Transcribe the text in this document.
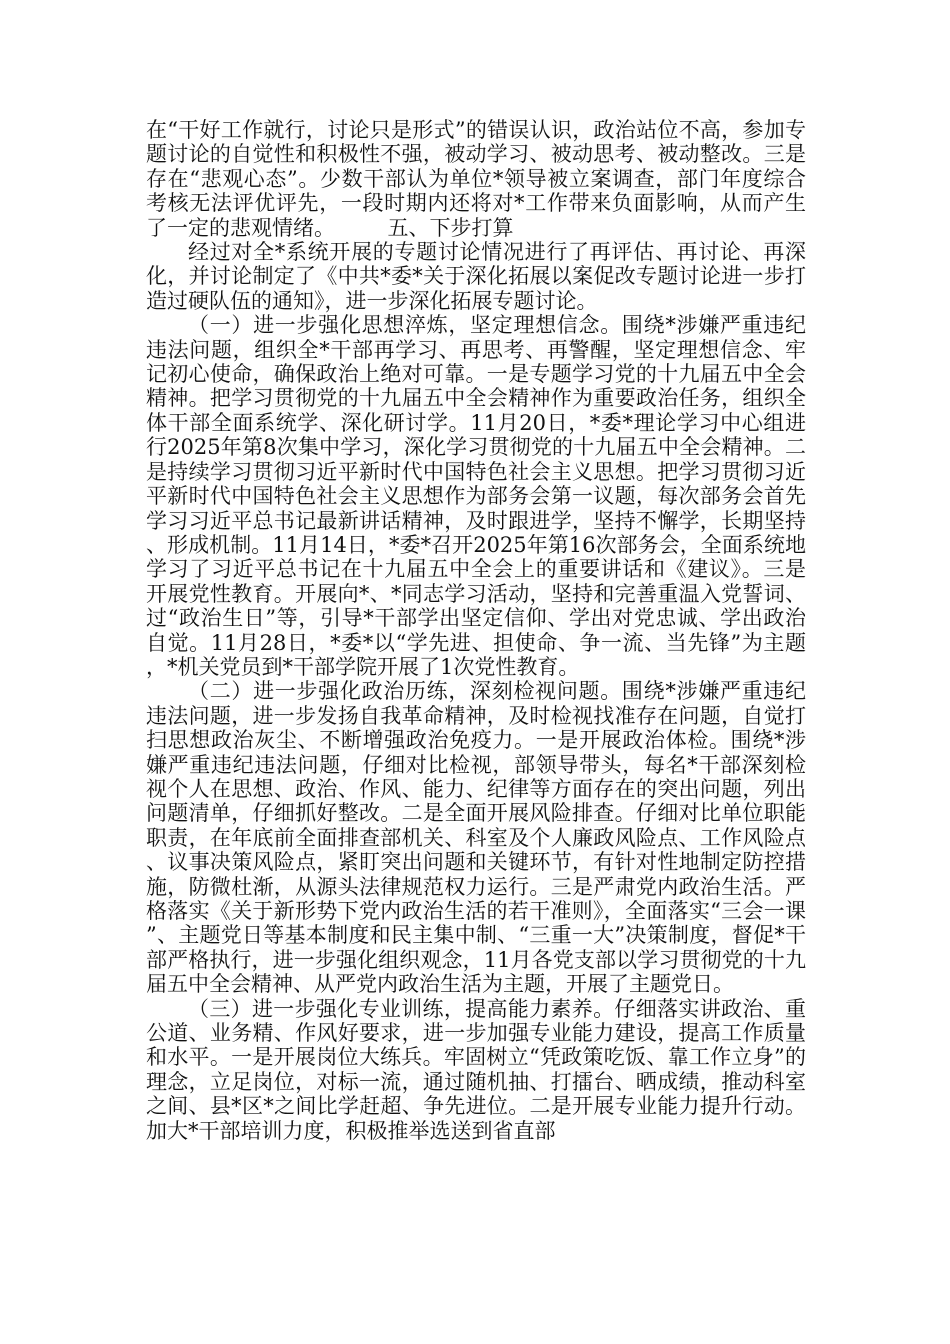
在“干好工作就行，讨论只是形式”的错误认识，政治站位不高，参加专题讨论的自觉性和积极性不强，被动学习、被动思考、被动整改。三是存在“悲观心态”。少数干部认为单位*领导被立案调查，部门年度综合考核无法评优评先，一段时期内还将对*工作带来负面影响，从而产生了一定的悲观情绪。	五、下步打算

经过对全*系统开展的专题讨论情况进行了再评估、再讨论、再深化，并讨论制定了《中共*委*关于深化拓展以案促改专题讨论进一步打造过硬队伍的通知》，进一步深化拓展专题讨论。

（一）进一步强化思想淬炼，坚定理想信念。围绕*涉嫌严重违纪违法问题，组织全*干部再学习、再思考、再警醒，坚定理想信念、牢记初心使命，确保政治上绝对可靠。一是专题学习党的十九届五中全会精神。把学习贯彻党的十九届五中全会精神作为重要政治任务，组织全体干部全面系统学、深化研讨学。11月20日，*委*理论学习中心组进行2025年第8次集中学习，深化学习贯彻党的十九届五中全会精神。二是持续学习贯彻习近平新时代中国特色社会主义思想。把学习贯彻习近平新时代中国特色社会主义思想作为部务会第一议题，每次部务会首先学习习近平总书记最新讲话精神，及时跟进学，坚持不懈学，长期坚持、形成机制。11月14日，*委*召开2025年第16次部务会，全面系统地学习了习近平总书记在十九届五中全会上的重要讲话和《建议》。三是开展党性教育。开展向*、*同志学习活动，坚持和完善重温入党誓词、过“政治生日”等，引导*干部学出坚定信仰、学出对党忠诚、学出政治自觉。11月28日，*委*以“学先进、担使命、争一流、当先锋”为主题，*机关党员到*干部学院开展了1次党性教育。

（二）进一步强化政治历练，深刻检视问题。围绕*涉嫌严重违纪违法问题，进一步发扬自我革命精神，及时检视找准存在问题，自觉打扫思想政治灰尘、不断增强政治免疫力。一是开展政治体检。围绕*涉嫌严重违纪违法问题，仔细对比检视，部领导带头，每名*干部深刻检视个人在思想、政治、作风、能力、纪律等方面存在的突出问题，列出问题清单，仔细抓好整改。二是全面开展风险排查。仔细对比单位职能职责，在年底前全面排查部机关、科室及个人廉政风险点、工作风险点、议事决策风险点，紧盯突出问题和关键环节，有针对性地制定防控措施，防微杜渐，从源头法律规范权力运行。三是严肃党内政治生活。严格落实《关于新形势下党内政治生活的若干准则》，全面落实“三会一课”、主题党日等基本制度和民主集中制、“三重一大”决策制度，督促*干部严格执行，进一步强化组织观念，11月各党支部以学习贯彻党的十九届五中全会精神、从严党内政治生活为主题，开展了主题党日。

（三）进一步强化专业训练，提高能力素养。仔细落实讲政治、重公道、业务精、作风好要求，进一步加强专业能力建设，提高工作质量和水平。一是开展岗位大练兵。牢固树立“凭政策吃饭、靠工作立身”的理念，立足岗位，对标一流，通过随机抽、打擂台、晒成绩，推动科室之间、县*区*之间比学赶超、争先进位。二是开展专业能力提升行动。加大*干部培训力度，积极推举选送到省直部
